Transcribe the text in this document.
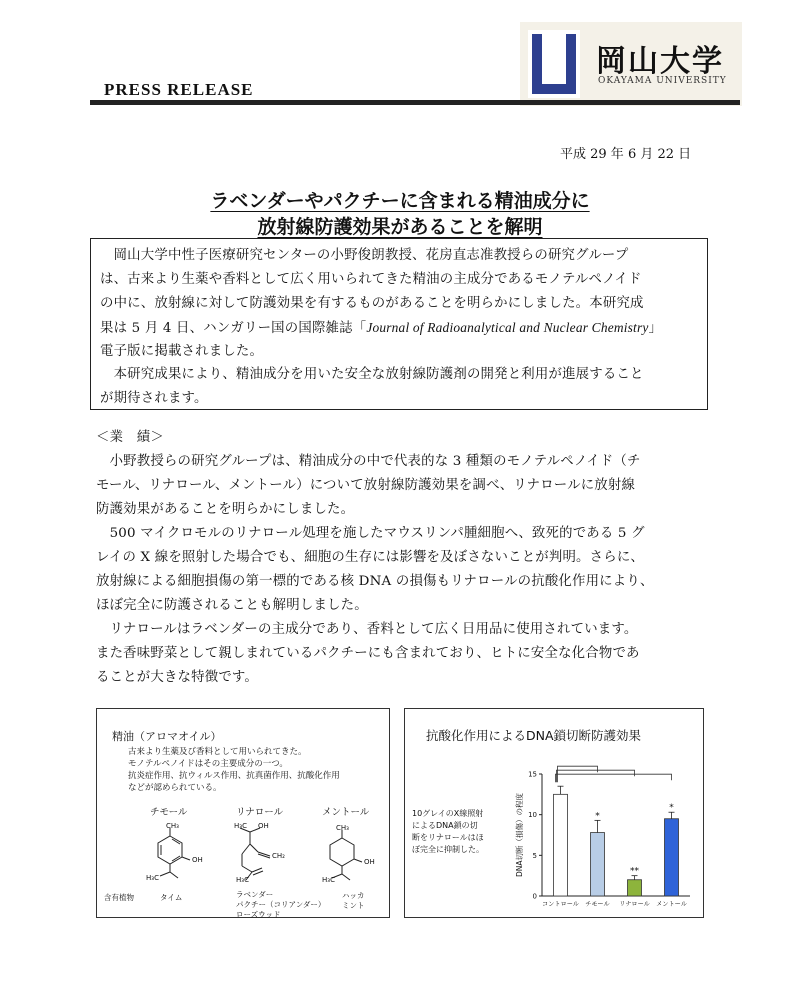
岡山大学
OKAYAMA UNIVERSITY
PRESS RELEASE
平成 29 年 6 月 22 日
ラベンダーやパクチーに含まれる精油成分に
放射線防護効果があることを解明
　岡山大学中性子医療研究センターの小野俊朗教授、花房直志准教授らの研究グループ
は、古来より生薬や香料として広く用いられてきた精油の主成分であるモノテルペノイド
の中に、放射線に対して防護効果を有するものがあることを明らかにしました。本研究成
果は 5 月 4 日、ハンガリー国の国際雑誌「Journal of Radioanalytical and Nuclear Chemistry」
電子版に掲載されました。
　本研究成果により、精油成分を用いた安全な放射線防護剤の開発と利用が進展すること
が期待されます。
＜業　績＞
　小野教授らの研究グループは、精油成分の中で代表的な 3 種類のモノテルペノイド（チ
モール、リナロール、メントール）について放射線防護効果を調べ、リナロールに放射線
防護効果があることを明らかにしました。
　500 マイクロモルのリナロール処理を施したマウスリンパ腫細胞へ、致死的である 5 グ
レイの X 線を照射した場合でも、細胞の生存には影響を及ぼさないことが判明。さらに、
放射線による細胞損傷の第一標的である核 DNA の損傷もリナロールの抗酸化作用により、
ほぼ完全に防護されることも解明しました。
　リナロールはラベンダーの主成分であり、香料として広く日用品に使用されています。
また香味野菜として親しまれているパクチーにも含まれており、ヒトに安全な化合物であ
ることが大きな特徴です。
精油（アロマオイル）
古来より生薬及び香料として用いられてきた。
モノテルペノイドはその主要成分の一つ。
抗炎症作用、抗ウィルス作用、抗真菌作用、抗酸化作用
などが認められている。
チモール	リナロール	メントール
CH₃
OH
H₃C
H₃C OH
CH₂
H₃C
CH₃
OH
H₃C
含有植物	タイム	ラベンダー
パクチー（コリアンダー）
ローズウッド
ハッカ
ミント
抗酸化作用によるDNA鎖切断防護効果
10グレイのX線照射
によるDNA鎖の切
断をリナロールはほ
ぼ完全に抑制した。	DNA切断（損傷）の程度
0
5
10
15
コントロール
*
チモール
**
リナロール
*
メントール
